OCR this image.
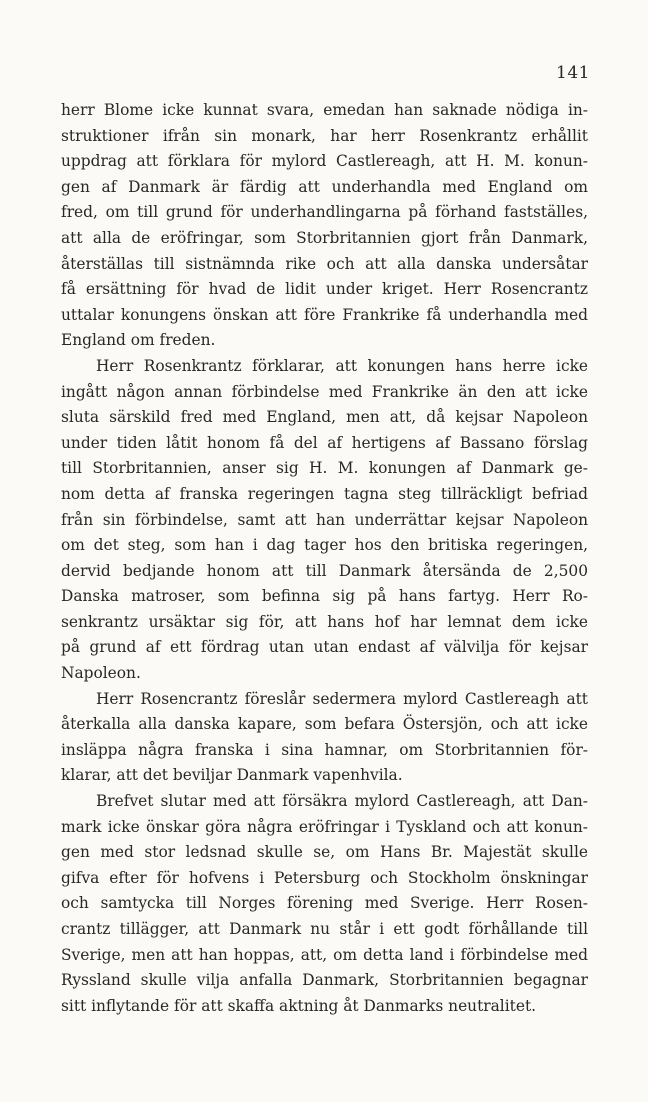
141
herr Blome icke kunnat svara, emedan han saknade nödiga in-
struktioner ifrån sin monark, har herr Rosenkrantz erhållit
uppdrag att förklara för mylord Castlereagh, att H. M. konun-
gen af Danmark är färdig att underhandla med England om
fred, om till grund för underhandlingarna på förhand fastställes,
att alla de eröfringar, som Storbritannien gjort från Danmark,
återställas till sistnämnda rike och att alla danska undersåtar
få ersättning för hvad de lidit under kriget. Herr Rosencrantz
uttalar konungens önskan att före Frankrike få underhandla med
England om freden.
Herr Rosenkrantz förklarar, att konungen hans herre icke
ingått någon annan förbindelse med Frankrike än den att icke
sluta särskild fred med England, men att, då kejsar Napoleon
under tiden låtit honom få del af hertigens af Bassano förslag
till Storbritannien, anser sig H. M. konungen af Danmark ge-
nom detta af franska regeringen tagna steg tillräckligt befriad
från sin förbindelse, samt att han underrättar kejsar Napoleon
om det steg, som han i dag tager hos den britiska regeringen,
dervid bedjande honom att till Danmark återsända de 2,500
Danska matroser, som befinna sig på hans fartyg. Herr Ro-
senkrantz ursäktar sig för, att hans hof har lemnat dem icke
på grund af ett fördrag utan utan endast af välvilja för kejsar
Napoleon.
Herr Rosencrantz föreslår sedermera mylord Castlereagh att
återkalla alla danska kapare, som befara Östersjön, och att icke
insläppa några franska i sina hamnar, om Storbritannien för-
klarar, att det beviljar Danmark vapenhvila.
Brefvet slutar med att försäkra mylord Castlereagh, att Dan-
mark icke önskar göra några eröfringar i Tyskland och att konun-
gen med stor ledsnad skulle se, om Hans Br. Majestät skulle
gifva efter för hofvens i Petersburg och Stockholm önskningar
och samtycka till Norges förening med Sverige. Herr Rosen-
crantz tillägger, att Danmark nu står i ett godt förhållande till
Sverige, men att han hoppas, att, om detta land i förbindelse med
Ryssland skulle vilja anfalla Danmark, Storbritannien begagnar
sitt inflytande för att skaffa aktning åt Danmarks neutralitet.
